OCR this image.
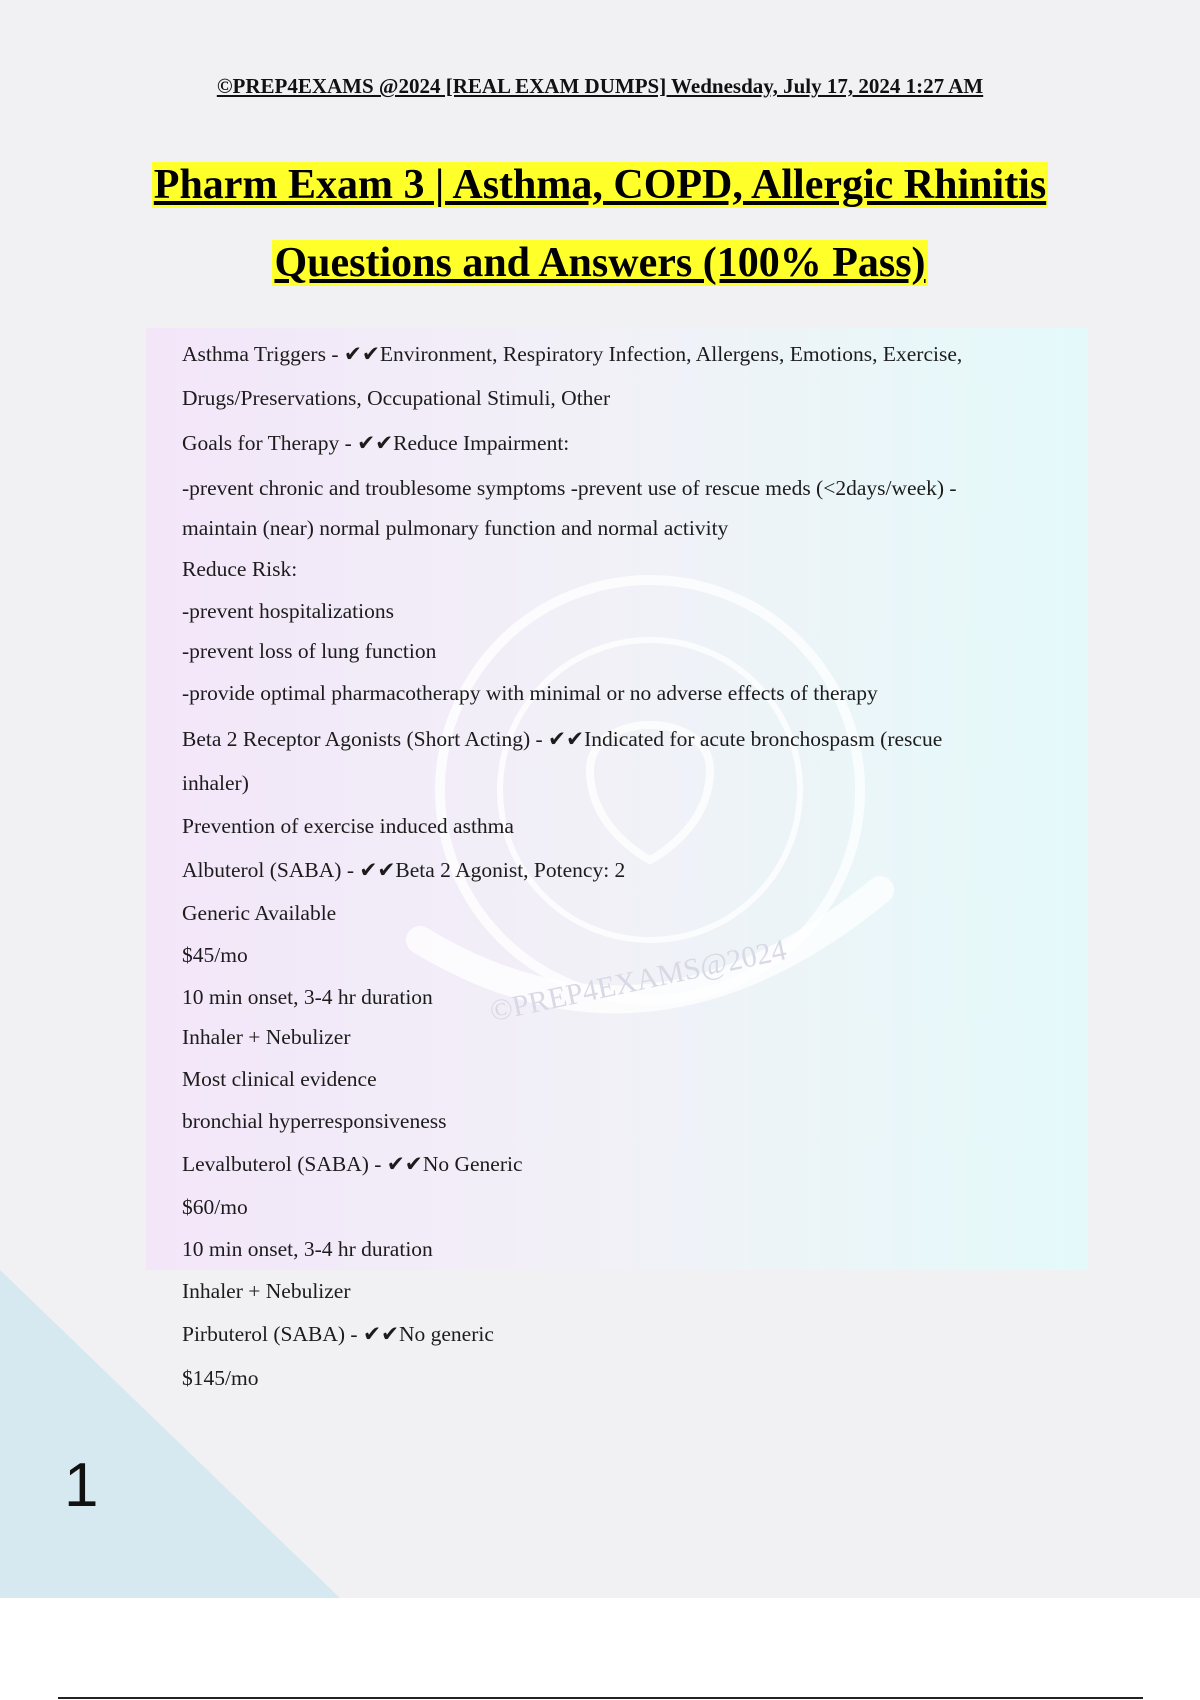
©PREP4EXAMS @2024 [REAL EXAM DUMPS] Wednesday, July 17, 2024 1:27 AM
Pharm Exam 3 | Asthma, COPD, Allergic Rhinitis
Questions and Answers (100% Pass)
©PREP4EXAMS@2024
Asthma Triggers - ✔✔Environment, Respiratory Infection, Allergens, Emotions, Exercise,
Drugs/Preservations, Occupational Stimuli, Other
Goals for Therapy - ✔✔Reduce Impairment:
-prevent chronic and troublesome symptoms -prevent use of rescue meds (<2days/week) -
maintain (near) normal pulmonary function and normal activity
Reduce Risk:
-prevent hospitalizations
-prevent loss of lung function
-provide optimal pharmacotherapy with minimal or no adverse effects of therapy
Beta 2 Receptor Agonists (Short Acting) - ✔✔Indicated for acute bronchospasm (rescue
inhaler)
Prevention of exercise induced asthma
Albuterol (SABA) - ✔✔Beta 2 Agonist, Potency: 2
Generic Available
$45/mo
10 min onset, 3-4 hr duration
Inhaler + Nebulizer
Most clinical evidence
bronchial hyperresponsiveness
Levalbuterol (SABA) - ✔✔No Generic
$60/mo
10 min onset, 3-4 hr duration
Inhaler + Nebulizer
Pirbuterol (SABA) - ✔✔No generic
$145/mo
1
